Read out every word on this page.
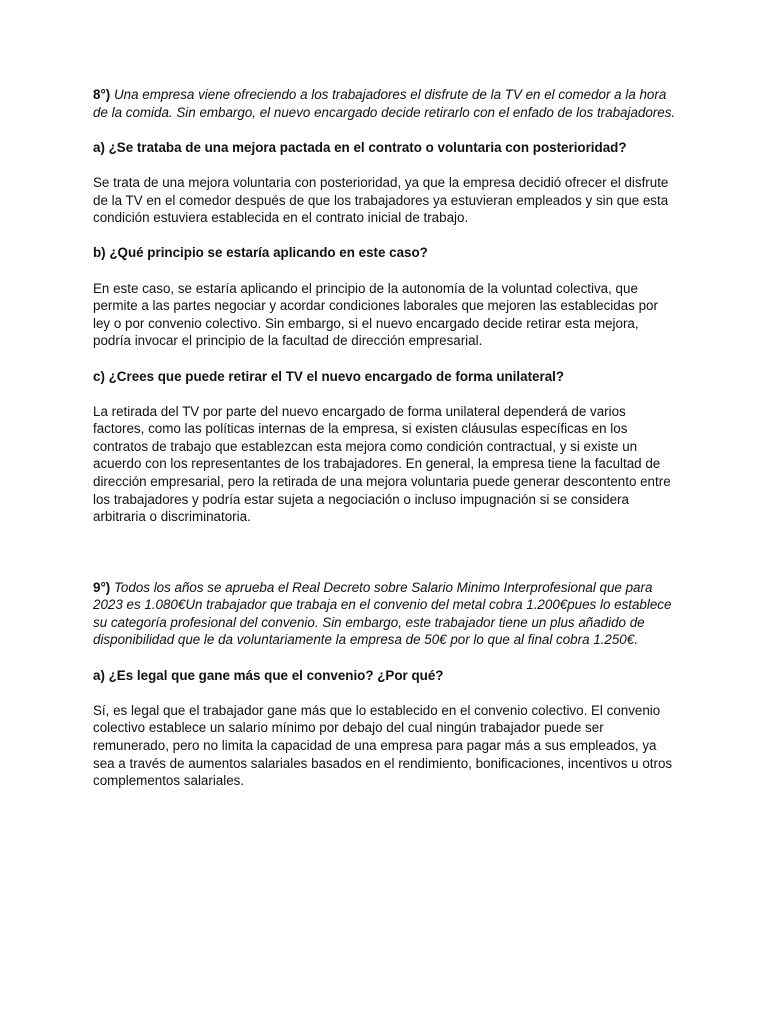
8°) Una empresa viene ofreciendo a los trabajadores el disfrute de la TV en el comedor a la hora de la comida. Sin embargo, el nuevo encargado decide retirarlo con el enfado de los trabajadores.

a) ¿Se trataba de una mejora pactada en el contrato o voluntaria con posterioridad?

Se trata de una mejora voluntaria con posterioridad, ya que la empresa decidió ofrecer el disfrute de la TV en el comedor después de que los trabajadores ya estuvieran empleados y sin que esta condición estuviera establecida en el contrato inicial de trabajo.

b) ¿Qué principio se estaría aplicando en este caso?

En este caso, se estaría aplicando el principio de la autonomía de la voluntad colectiva, que permite a las partes negociar y acordar condiciones laborales que mejoren las establecidas por ley o por convenio colectivo. Sin embargo, si el nuevo encargado decide retirar esta mejora, podría invocar el principio de la facultad de dirección empresarial.

c) ¿Crees que puede retirar el TV el nuevo encargado de forma unilateral?

La retirada del TV por parte del nuevo encargado de forma unilateral dependerá de varios factores, como las políticas internas de la empresa, si existen cláusulas específicas en los contratos de trabajo que establezcan esta mejora como condición contractual, y si existe un acuerdo con los representantes de los trabajadores. En general, la empresa tiene la facultad de dirección empresarial, pero la retirada de una mejora voluntaria puede generar descontento entre los trabajadores y podría estar sujeta a negociación o incluso impugnación si se considera arbitraria o discriminatoria.

9°) Todos los años se aprueba el Real Decreto sobre Salario Minimo Interprofesional que para 2023 es 1.080€Un trabajador que trabaja en el convenio del metal cobra 1.200€pues lo establece su categoría profesional del convenio. Sin embargo, este trabajador tiene un plus añadido de disponibilidad que le da voluntariamente la empresa de 50€ por lo que al final cobra 1.250€.

a) ¿Es legal que gane más que el convenio? ¿Por qué?

Sí, es legal que el trabajador gane más que lo establecido en el convenio colectivo. El convenio colectivo establece un salario mínimo por debajo del cual ningún trabajador puede ser remunerado, pero no limita la capacidad de una empresa para pagar más a sus empleados, ya sea a través de aumentos salariales basados en el rendimiento, bonificaciones, incentivos u otros complementos salariales.
